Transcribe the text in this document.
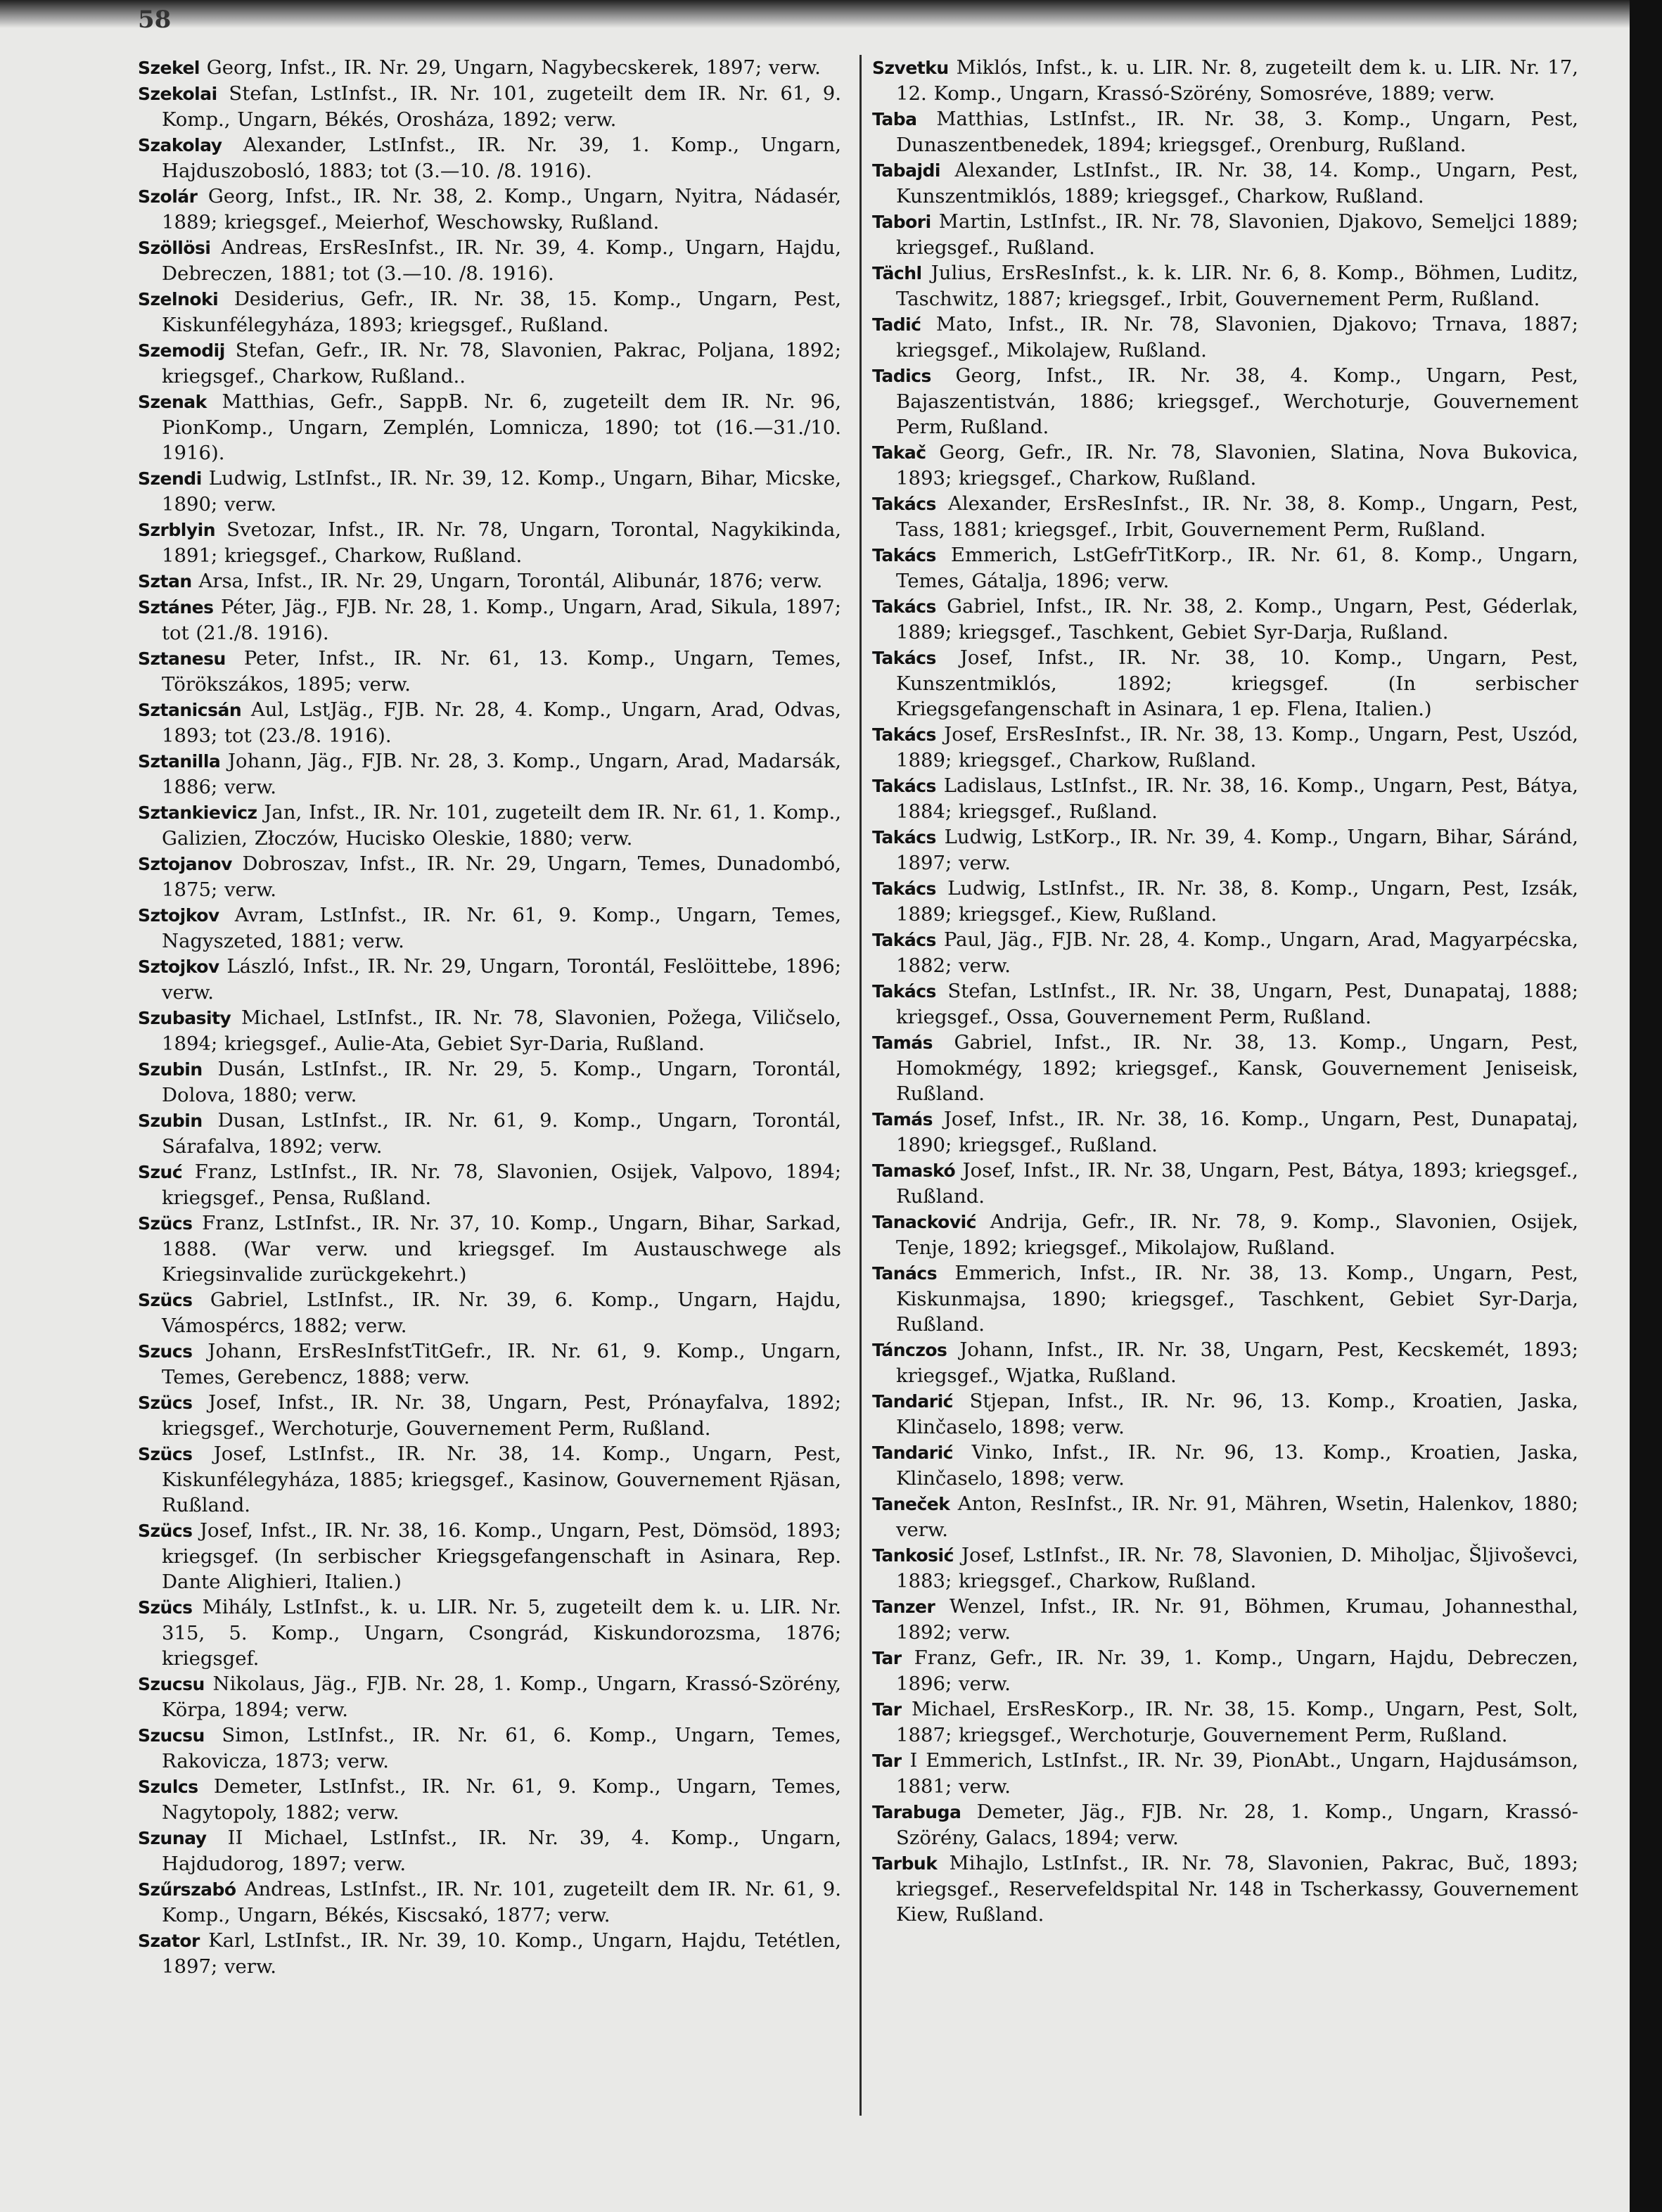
58

Szekel Georg, Infst., IR. Nr. 29, Ungarn, Nagybecskerek, 1897; verw.

Szekolai Stefan, LstInfst., IR. Nr. 101, zugeteilt dem IR. Nr. 61, 9. Komp., Ungarn, Békés, Orosháza, 1892; verw.

Szakolay Alexander, LstInfst., IR. Nr. 39, 1. Komp., Ungarn, Hajduszobosló, 1883; tot (3.—10. /8. 1916).

Szolár Georg, Infst., IR. Nr. 38, 2. Komp., Ungarn, Nyitra, Nádasér, 1889; kriegsgef., Meierhof, Weschowsky, Rußland.

Szöllösi Andreas, ErsResInfst., IR. Nr. 39, 4. Komp., Ungarn, Hajdu, Debreczen, 1881; tot (3.—10. /8. 1916).

Szelnoki Desiderius, Gefr., IR. Nr. 38, 15. Komp., Ungarn, Pest, Kiskunfélegyháza, 1893; kriegsgef., Rußland.

Szemodij Stefan, Gefr., IR. Nr. 78, Slavonien, Pakrac, Poljana, 1892; kriegsgef., Charkow, Rußland..

Szenak Matthias, Gefr., SappB. Nr. 6, zugeteilt dem IR. Nr. 96, PionKomp., Ungarn, Zemplén, Lomnicza, 1890; tot (16.—31./10. 1916).

Szendi Ludwig, LstInfst., IR. Nr. 39, 12. Komp., Ungarn, Bihar, Micske, 1890; verw.

Szrblyin Svetozar, Infst., IR. Nr. 78, Ungarn, Torontal, Nagykikinda, 1891; kriegsgef., Charkow, Rußland.

Sztan Arsa, Infst., IR. Nr. 29, Ungarn, Torontál, Alibunár, 1876; verw.

Sztánes Péter, Jäg., FJB. Nr. 28, 1. Komp., Ungarn, Arad, Sikula, 1897; tot (21./8. 1916).

Sztanesu Peter, Infst., IR. Nr. 61, 13. Komp., Ungarn, Temes, Törökszákos, 1895; verw.

Sztanicsán Aul, LstJäg., FJB. Nr. 28, 4. Komp., Ungarn, Arad, Odvas, 1893; tot (23./8. 1916).

Sztanilla Johann, Jäg., FJB. Nr. 28, 3. Komp., Ungarn, Arad, Madarsák, 1886; verw.

Sztankievicz Jan, Infst., IR. Nr. 101, zugeteilt dem IR. Nr. 61, 1. Komp., Galizien, Złoczów, Hucisko Oleskie, 1880; verw.

Sztojanov Dobroszav, Infst., IR. Nr. 29, Ungarn, Temes, Dunadombó, 1875; verw.

Sztojkov Avram, LstInfst., IR. Nr. 61, 9. Komp., Ungarn, Temes, Nagyszeted, 1881; verw.

Sztojkov László, Infst., IR. Nr. 29, Ungarn, Torontál, Feslöittebe, 1896; verw.

Szubasity Michael, LstInfst., IR. Nr. 78, Slavonien, Požega, Viličselo, 1894; kriegsgef., Aulie-Ata, Gebiet Syr-Daria, Rußland.

Szubin Dusán, LstInfst., IR. Nr. 29, 5. Komp., Ungarn, Torontál, Dolova, 1880; verw.

Szubin Dusan, LstInfst., IR. Nr. 61, 9. Komp., Ungarn, Torontál, Sárafalva, 1892; verw.

Szuć Franz, LstInfst., IR. Nr. 78, Slavonien, Osijek, Valpovo, 1894; kriegsgef., Pensa, Rußland.

Szücs Franz, LstInfst., IR. Nr. 37, 10. Komp., Ungarn, Bihar, Sarkad, 1888. (War verw. und kriegsgef. Im Austauschwege als Kriegsinvalide zurückgekehrt.)

Szücs Gabriel, LstInfst., IR. Nr. 39, 6. Komp., Ungarn, Hajdu, Vámospércs, 1882; verw.

Szucs Johann, ErsResInfstTitGefr., IR. Nr. 61, 9. Komp., Ungarn, Temes, Gerebencz, 1888; verw.

Szücs Josef, Infst., IR. Nr. 38, Ungarn, Pest, Prónayfalva, 1892; kriegsgef., Werchoturje, Gouvernement Perm, Rußland.

Szücs Josef, LstInfst., IR. Nr. 38, 14. Komp., Ungarn, Pest, Kiskunfélegyháza, 1885; kriegsgef., Kasinow, Gouvernement Rjäsan, Rußland.

Szücs Josef, Infst., IR. Nr. 38, 16. Komp., Ungarn, Pest, Dömsöd, 1893; kriegsgef. (In serbischer Kriegsgefangenschaft in Asinara, Rep. Dante Alighieri, Italien.)

Szücs Mihály, LstInfst., k. u. LIR. Nr. 5, zugeteilt dem k. u. LIR. Nr. 315, 5. Komp., Ungarn, Csongrád, Kiskundorozsma, 1876; kriegsgef.

Szucsu Nikolaus, Jäg., FJB. Nr. 28, 1. Komp., Ungarn, Krassó-Szörény, Körpa, 1894; verw.

Szucsu Simon, LstInfst., IR. Nr. 61, 6. Komp., Ungarn, Temes, Rakovicza, 1873; verw.

Szulcs Demeter, LstInfst., IR. Nr. 61, 9. Komp., Ungarn, Temes, Nagytopoly, 1882; verw.

Szunay II Michael, LstInfst., IR. Nr. 39, 4. Komp., Ungarn, Hajdudorog, 1897; verw.

Szűrszabó Andreas, LstInfst., IR. Nr. 101, zugeteilt dem IR. Nr. 61, 9. Komp., Ungarn, Békés, Kiscsakó, 1877; verw.

Szator Karl, LstInfst., IR. Nr. 39, 10. Komp., Ungarn, Hajdu, Tetétlen, 1897; verw.

Szvetku Miklós, Infst., k. u. LIR. Nr. 8, zugeteilt dem k. u. LIR. Nr. 17, 12. Komp., Ungarn, Krassó-Szörény, Somosréve, 1889; verw.

Taba Matthias, LstInfst., IR. Nr. 38, 3. Komp., Ungarn, Pest, Dunaszentbenedek, 1894; kriegsgef., Orenburg, Rußland.

Tabajdi Alexander, LstInfst., IR. Nr. 38, 14. Komp., Ungarn, Pest, Kunszentmiklós, 1889; kriegsgef., Charkow, Rußland.

Tabori Martin, LstInfst., IR. Nr. 78, Slavonien, Djakovo, Semeljci 1889; kriegsgef., Rußland.

Tächl Julius, ErsResInfst., k. k. LIR. Nr. 6, 8. Komp., Böhmen, Luditz, Taschwitz, 1887; kriegsgef., Irbit, Gouvernement Perm, Rußland.

Tadić Mato, Infst., IR. Nr. 78, Slavonien, Djakovo; Trnava, 1887; kriegsgef., Mikolajew, Rußland.

Tadics Georg, Infst., IR. Nr. 38, 4. Komp., Ungarn, Pest, Bajaszentistván, 1886; kriegsgef., Werchoturje, Gouvernement Perm, Rußland.

Takač Georg, Gefr., IR. Nr. 78, Slavonien, Slatina, Nova Bukovica, 1893; kriegsgef., Charkow, Rußland.

Takács Alexander, ErsResInfst., IR. Nr. 38, 8. Komp., Ungarn, Pest, Tass, 1881; kriegsgef., Irbit, Gouvernement Perm, Rußland.

Takács Emmerich, LstGefrTitKorp., IR. Nr. 61, 8. Komp., Ungarn, Temes, Gátalja, 1896; verw.

Takács Gabriel, Infst., IR. Nr. 38, 2. Komp., Ungarn, Pest, Géderlak, 1889; kriegsgef., Taschkent, Gebiet Syr-Darja, Rußland.

Takács Josef, Infst., IR. Nr. 38, 10. Komp., Ungarn, Pest, Kunszentmiklós, 1892; kriegsgef. (In serbischer Kriegsgefangenschaft in Asinara, 1 ep. Flena, Italien.)

Takács Josef, ErsResInfst., IR. Nr. 38, 13. Komp., Ungarn, Pest, Uszód, 1889; kriegsgef., Charkow, Rußland.

Takács Ladislaus, LstInfst., IR. Nr. 38, 16. Komp., Ungarn, Pest, Bátya, 1884; kriegsgef., Rußland.

Takács Ludwig, LstKorp., IR. Nr. 39, 4. Komp., Ungarn, Bihar, Sáránd, 1897; verw.

Takács Ludwig, LstInfst., IR. Nr. 38, 8. Komp., Ungarn, Pest, Izsák, 1889; kriegsgef., Kiew, Rußland.

Takács Paul, Jäg., FJB. Nr. 28, 4. Komp., Ungarn, Arad, Magyarpécska, 1882; verw.

Takács Stefan, LstInfst., IR. Nr. 38, Ungarn, Pest, Dunapataj, 1888; kriegsgef., Ossa, Gouvernement Perm, Rußland.

Tamás Gabriel, Infst., IR. Nr. 38, 13. Komp., Ungarn, Pest, Homokmégy, 1892; kriegsgef., Kansk, Gouvernement Jeniseisk, Rußland.

Tamás Josef, Infst., IR. Nr. 38, 16. Komp., Ungarn, Pest, Dunapataj, 1890; kriegsgef., Rußland.

Tamaskó Josef, Infst., IR. Nr. 38, Ungarn, Pest, Bátya, 1893; kriegsgef., Rußland.

Tanacković Andrija, Gefr., IR. Nr. 78, 9. Komp., Slavonien, Osijek, Tenje, 1892; kriegsgef., Mikolajow, Rußland.

Tanács Emmerich, Infst., IR. Nr. 38, 13. Komp., Ungarn, Pest, Kiskunmajsa, 1890; kriegsgef., Taschkent, Gebiet Syr-Darja, Rußland.

Tánczos Johann, Infst., IR. Nr. 38, Ungarn, Pest, Kecskemét, 1893; kriegsgef., Wjatka, Rußland.

Tandarić Stjepan, Infst., IR. Nr. 96, 13. Komp., Kroatien, Jaska, Klinčaselo, 1898; verw.

Tandarić Vinko, Infst., IR. Nr. 96, 13. Komp., Kroatien, Jaska, Klinčaselo, 1898; verw.

Taneček Anton, ResInfst., IR. Nr. 91, Mähren, Wsetin, Halenkov, 1880; verw.

Tankosić Josef, LstInfst., IR. Nr. 78, Slavonien, D. Miholjac, Šljivoševci, 1883; kriegsgef., Charkow, Rußland.

Tanzer Wenzel, Infst., IR. Nr. 91, Böhmen, Krumau, Johannesthal, 1892; verw.

Tar Franz, Gefr., IR. Nr. 39, 1. Komp., Ungarn, Hajdu, Debreczen, 1896; verw.

Tar Michael, ErsResKorp., IR. Nr. 38, 15. Komp., Ungarn, Pest, Solt, 1887; kriegsgef., Werchoturje, Gouvernement Perm, Rußland.

Tar I Emmerich, LstInfst., IR. Nr. 39, PionAbt., Ungarn, Hajdusámson, 1881; verw.

Tarabuga Demeter, Jäg., FJB. Nr. 28, 1. Komp., Ungarn, Krassó-Szörény, Galacs, 1894; verw.

Tarbuk Mihajlo, LstInfst., IR. Nr. 78, Slavonien, Pakrac, Buč, 1893; kriegsgef., Reservefeldspital Nr. 148 in Tscherkassy, Gouvernement Kiew, Rußland.
